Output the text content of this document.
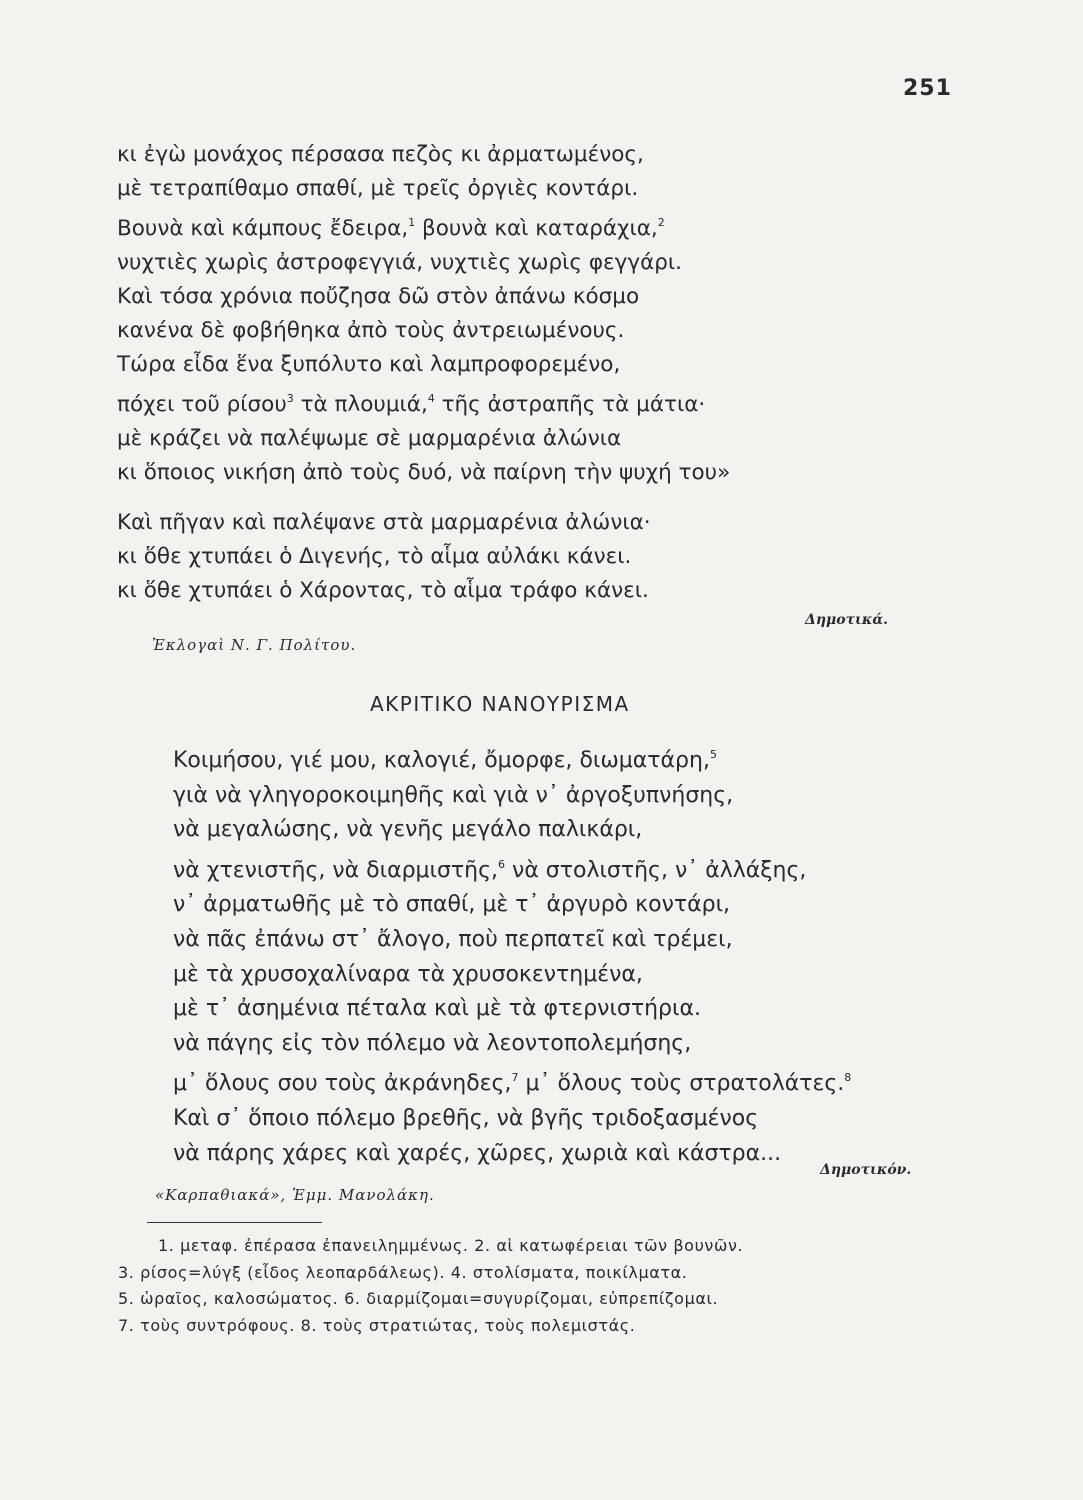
251
κι ἐγὼ μονάχος πέρσασα πεζὸς κι ἀρματωμένος,
μὲ τετραπίθαμο σπαθί, μὲ τρεῖς ὀργιὲς κοντάρι.
Βουνὰ καὶ κάμπους ἔδειρα,$^1$ βουνὰ καὶ καταράχια,$^2$
νυχτιὲς χωρὶς ἀστροφεγγιά, νυχτιὲς χωρὶς φεγγάρι.
Καὶ τόσα χρόνια ποὔζησα δῶ στὸν ἀπάνω κόσμο
κανένα δὲ φοβήθηκα ἀπὸ τοὺς ἀντρειωμένους.
Τώρα εἶδα ἕνα ξυπόλυτο καὶ λαμπροφορεμένο,
πόχει τοῦ ρίσου$^3$ τὰ πλουμιά,$^4$ τῆς ἀστραπῆς τὰ μάτια·
μὲ κράζει νὰ παλέψωμε σὲ μαρμαρένια ἀλώνια
κι ὅποιος νικήση ἀπὸ τοὺς δυό, νὰ παίρνη τὴν ψυχή του»
Καὶ πῆγαν καὶ παλέψανε στὰ μαρμαρένια ἀλώνια·
κι ὅθε χτυπάει ὁ Διγενής, τὸ αἷμα αὐλάκι κάνει.
κι ὅθε χτυπάει ὁ Χάροντας, τὸ αἷμα τράφο κάνει.
Δημοτικά.
Ἐκλογαὶ Ν. Γ. Πολίτου.
ΑΚΡΙΤΙΚΟ ΝΑΝΟΥΡΙΣΜΑ
Κοιμήσου, γιέ μου, καλογιέ, ὄμορφε, διωματάρη,$^5$
γιὰ νὰ γληγοροκοιμηθῆς καὶ γιὰ ν᾿ ἀργοξυπνήσης,
νὰ μεγαλώσης, νὰ γενῆς μεγάλο παλικάρι,
νὰ χτενιστῆς, νὰ διαρμιστῆς,$^6$ νὰ στολιστῆς, ν᾿ ἀλλάξης,
ν᾿ ἀρματωθῆς μὲ τὸ σπαθί, μὲ τ᾿ ἀργυρὸ κοντάρι,
νὰ πᾶς ἐπάνω στ᾿ ἄλογο, ποὺ περπατεῖ καὶ τρέμει,
μὲ τὰ χρυσοχαλίναρα τὰ χρυσοκεντημένα,
μὲ τ᾿ ἀσημένια πέταλα καὶ μὲ τὰ φτερνιστήρια.
νὰ πάγης εἰς τὸν πόλεμο νὰ λεοντοπολεμήσης,
μ᾿ ὅλους σου τοὺς ἀκράνηδες,$^7$ μ᾿ ὅλους τοὺς στρατολάτες.$^8$
Καὶ σ᾿ ὅποιο πόλεμο βρεθῆς, νὰ βγῆς τριδοξασμένος
νὰ πάρης χάρες καὶ χαρές, χῶρες, χωριὰ καὶ κάστρα...
Δημοτικόν.
«Καρπαθιακά», Ἐμμ. Μανολάκη.
1. μεταφ. ἐπέρασα ἐπανειλημμένως. 2. αἱ κατωφέρειαι τῶν βουνῶν.
3. ρίσος=λύγξ (εἶδος λεοπαρδάλεως). 4. στολίσματα, ποικίλματα.
5. ὡραῖος, καλοσώματος. 6. διαρμίζομαι=συγυρίζομαι, εὐπρεπίζομαι.
7. τοὺς συντρόφους. 8. τοὺς στρατιώτας, τοὺς πολεμιστάς.
